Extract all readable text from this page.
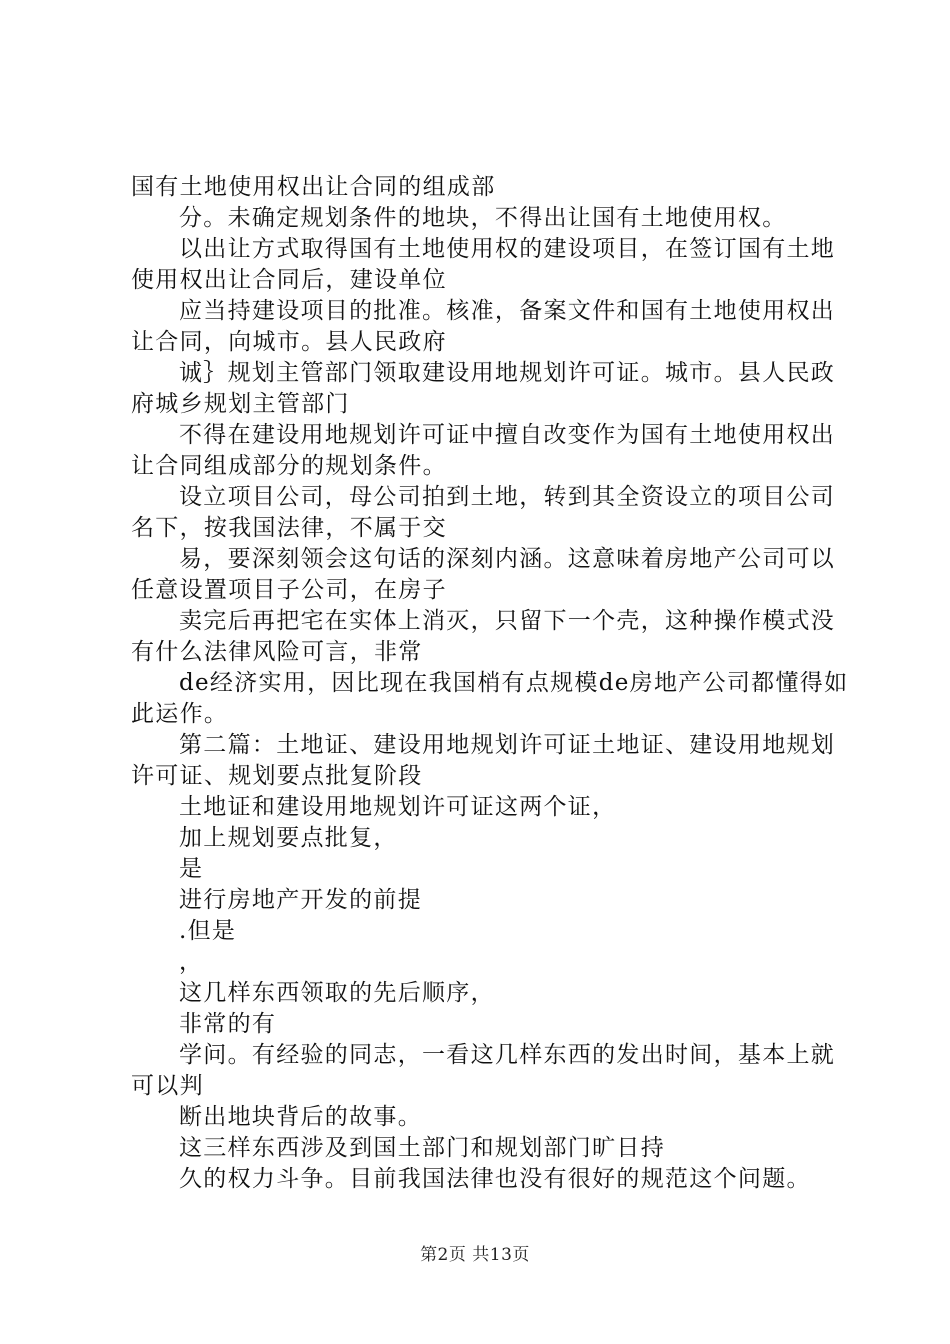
国有土地使用权出让合同的组成部

分。未确定规划条件的地块，不得出让国有土地使用权。

以出让方式取得国有土地使用权的建设项目，在签订国有土地使用权出让合同后，建设单位

应当持建设项目的批准。核准，备案文件和国有土地使用权出让合同，向城市。县人民政府

诚｝规划主管部门领取建设用地规划许可证。城市。县人民政府城乡规划主管部门

不得在建设用地规划许可证中擅自改变作为国有土地使用权出让合同组成部分的规划条件。

设立项目公司，母公司拍到土地，转到其全资设立的项目公司名下，按我国法律，不属于交

易，要深刻领会这句话的深刻内涵。这意味着房地产公司可以任意设置项目子公司，在房子

卖完后再把宅在实体上消灭，只留下一个壳，这种操作模式没有什么法律风险可言，非常

de经济实用，因比现在我国梢有点规模de房地产公司都懂得如此运作。

第二篇：土地证、建设用地规划许可证土地证、建设用地规划许可证、规划要点批复阶段

土地证和建设用地规划许可证这两个证，

加上规划要点批复，

是

进行房地产开发的前提

.但是

，

这几样东西领取的先后顺序，

非常的有

学问。有经验的同志，一看这几样东西的发出时间，基本上就可以判

断出地块背后的故事。

这三样东西涉及到国土部门和规划部门旷日持

久的权力斗争。目前我国法律也没有很好的规范这个问题。

第2页 共13页
